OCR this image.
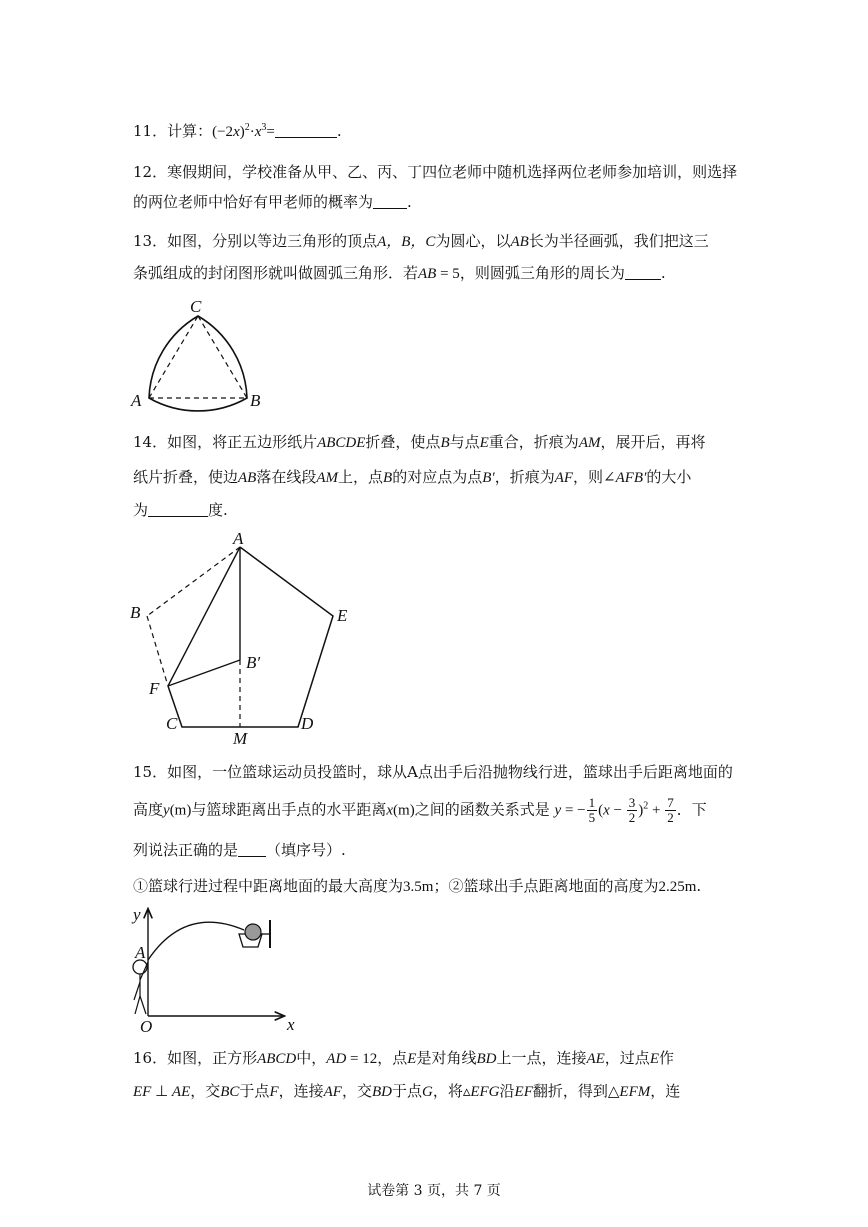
11．计算：$(-2x)^2\cdot x^3=$	.
12．寒假期间，学校准备从甲、乙、丙、丁四位老师中随机选择两位老师参加培训，则选择
的两位老师中恰好有甲老师的概率为 .
13．如图，分别以等边三角形的顶点A，B，C为圆心，以AB长为半径画弧，我们把这三
条弧组成的封闭图形就叫做圆弧三角形．若AB = 5，则圆弧三角形的周长为 .
C
A	B
14．如图，将正五边形纸片ABCDE折叠，使点B与点E重合，折痕为AM，展开后，再将
纸片折叠，使边AB落在线段AM上，点B的对应点为点B′，折痕为AF，则∠AFB′的大小
为	度.
A
B	E
B′
F
C	D
M
15．如图，一位篮球运动员投篮时，球从A点出手后沿抛物线行进，篮球出手后距离地面的
高度y(m)与篮球距离出手点的水平距离x(m)之间的函数关系式是 y = − $\frac{1}{5} (x - \frac{3}{2} )^2 + \frac{7}{2}$ ．下
列说法正确的是 （填序号）.
①篮球行进过程中距离地面的最大高度为3.5m；②篮球出手点距离地面的高度为2.25m.
y
x
A
O
16．如图，正方形ABCD中，AD = 12，点E是对角线BD上一点，连接AE，过点E作
EF ⊥ AE，交BC于点F，连接AF，交BD于点G，将▵EFG沿EF翻折，得到△EFM，连
试卷第 3 页，共 7 页
